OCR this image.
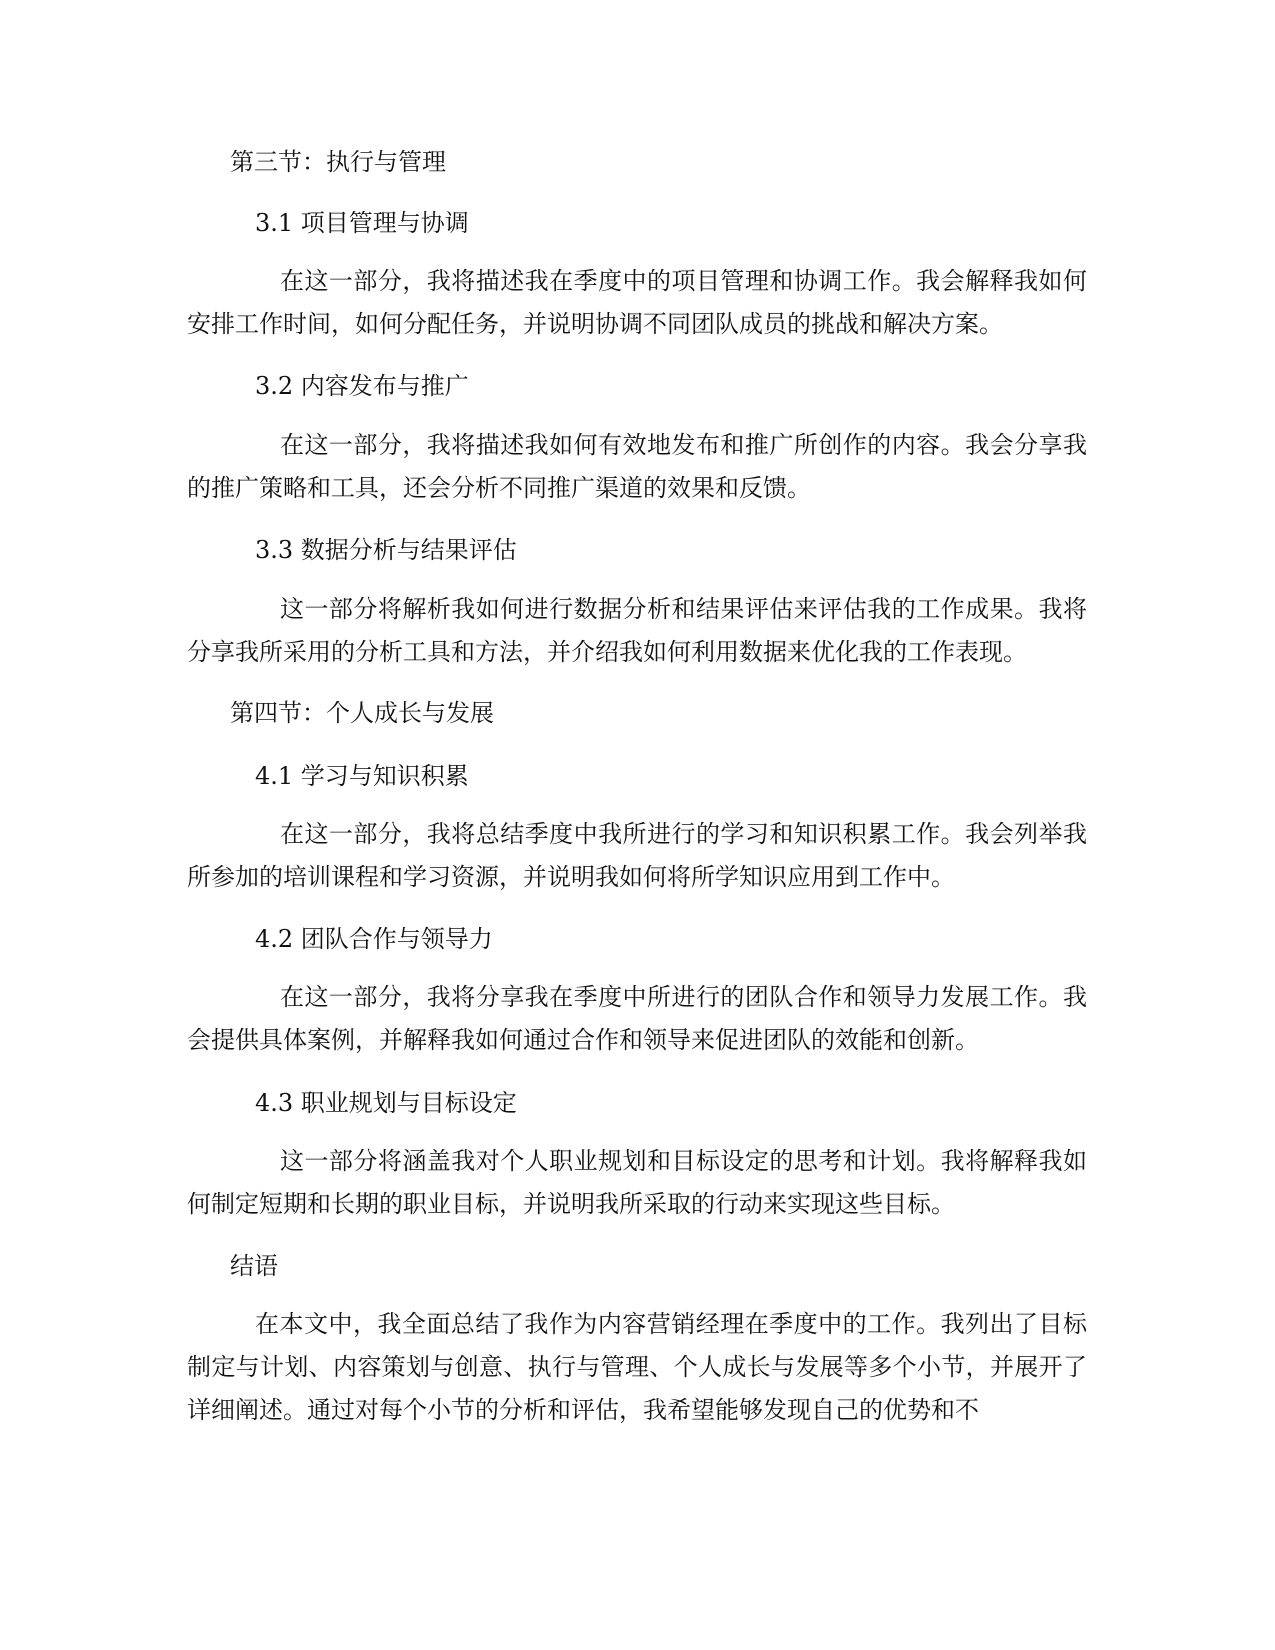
第三节：执行与管理

3.1 项目管理与协调

在这一部分，我将描述我在季度中的项目管理和协调工作。我会解释我如何安排工作时间，如何分配任务，并说明协调不同团队成员的挑战和解决方案。

3.2 内容发布与推广

在这一部分，我将描述我如何有效地发布和推广所创作的内容。我会分享我的推广策略和工具，还会分析不同推广渠道的效果和反馈。

3.3 数据分析与结果评估

这一部分将解析我如何进行数据分析和结果评估来评估我的工作成果。我将分享我所采用的分析工具和方法，并介绍我如何利用数据来优化我的工作表现。

第四节：个人成长与发展

4.1 学习与知识积累

在这一部分，我将总结季度中我所进行的学习和知识积累工作。我会列举我所参加的培训课程和学习资源，并说明我如何将所学知识应用到工作中。

4.2 团队合作与领导力

在这一部分，我将分享我在季度中所进行的团队合作和领导力发展工作。我会提供具体案例，并解释我如何通过合作和领导来促进团队的效能和创新。

4.3 职业规划与目标设定

这一部分将涵盖我对个人职业规划和目标设定的思考和计划。我将解释我如何制定短期和长期的职业目标，并说明我所采取的行动来实现这些目标。

结语

在本文中，我全面总结了我作为内容营销经理在季度中的工作。我列出了目标制定与计划、内容策划与创意、执行与管理、个人成长与发展等多个小节，并展开了详细阐述。通过对每个小节的分析和评估，我希望能够发现自己的优势和不
